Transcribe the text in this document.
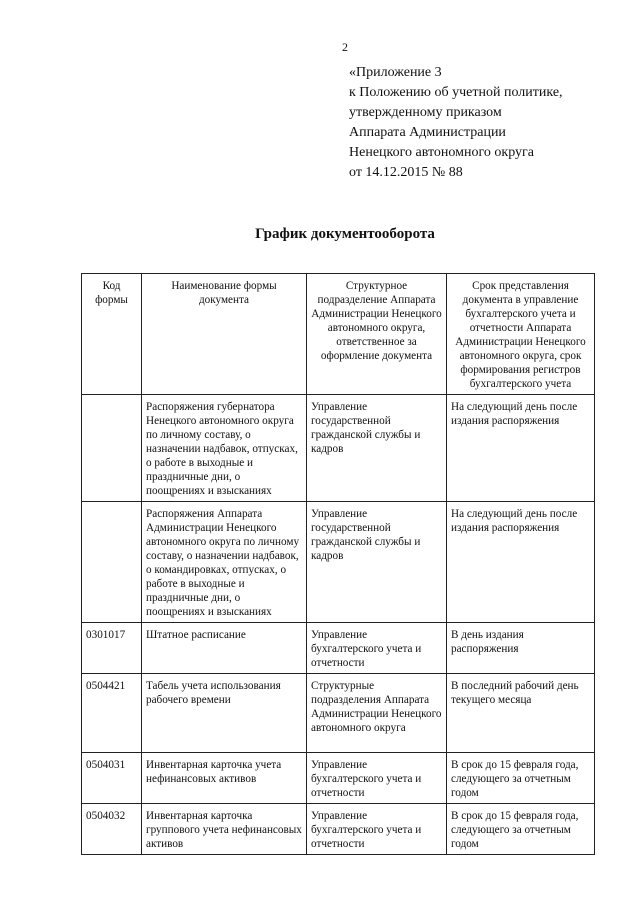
2
«Приложение 3
к Положению об учетной политике,
утвержденному приказом
Аппарата Администрации
Ненецкого автономного округа
от 14.12.2015 № 88
График документооборота
Код формы	Наименование формы документа	Структурное подразделение Аппарата Администрации Ненецкого автономного округа, ответственное за оформление документа	Срок представления документа в управление бухгалтерского учета и отчетности Аппарата Администрации Ненецкого автономного округа, срок формирования регистров бухгалтерского учета
	Распоряжения губернатора Ненецкого автономного округа по личному составу, о назначении надбавок, отпусках, о работе в выходные и праздничные дни, о поощрениях и взысканиях	Управление государственной гражданской службы и кадров	На следующий день после издания распоряжения
	Распоряжения Аппарата Администрации Ненецкого автономного округа по личному составу, о назначении надбавок, о командировках, отпусках, о работе в выходные и праздничные дни, о поощрениях и взысканиях	Управление государственной гражданской службы и кадров	На следующий день после издания распоряжения
0301017	Штатное расписание	Управление бухгалтерского учета и отчетности	В день издания распоряжения
0504421	Табель учета использования рабочего времени	Структурные подразделения Аппарата Администрации Ненецкого автономного округа	В последний рабочий день текущего месяца
0504031	Инвентарная карточка учета нефинансовых активов	Управление бухгалтерского учета и отчетности	В срок до 15 февраля года, следующего за отчетным годом
0504032	Инвентарная карточка группового учета нефинансовых активов	Управление бухгалтерского учета и отчетности	В срок до 15 февраля года, следующего за отчетным годом
